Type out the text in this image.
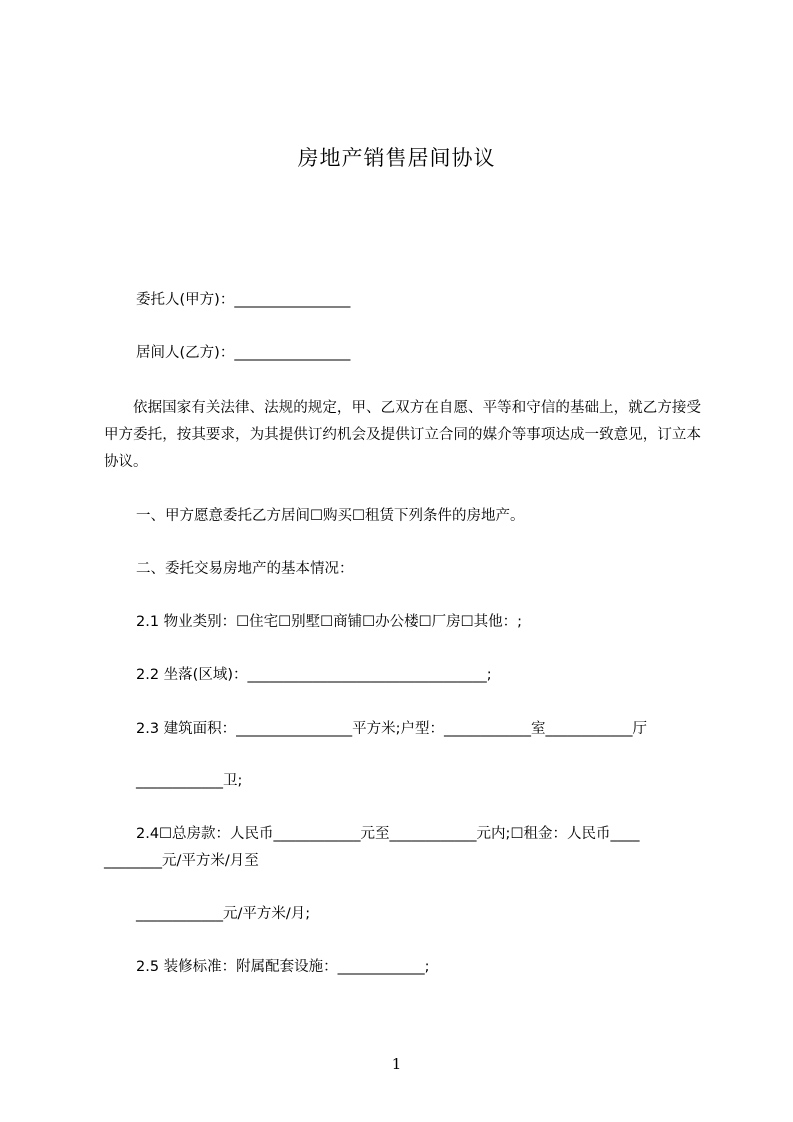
房地产销售居间协议
委托人(甲方)：________________
居间人(乙方)：________________
依据国家有关法律、法规的规定，甲、乙双方在自愿、平等和守信的基础上，就乙方接受甲方委托，按其要求，为其提供订约机会及提供订立合同的媒介等事项达成一致意见，订立本协议。
一、甲方愿意委托乙方居间☐购买☐租赁下列条件的房地产。
二、委托交易房地产的基本情况：
2.1 物业类别：☐住宅☐别墅☐商铺☐办公楼☐厂房☐其他：;
2.2 坐落(区域)：_________________________________;
2.3 建筑面积：________________平方米;户型：____________室____________厅
____________卫;
2.4☐总房款：人民币____________元至____________元内;☐租金：人民币____
________元/平方米/月至
____________元/平方米/月;
2.5 装修标准：附属配套设施：____________;
1
